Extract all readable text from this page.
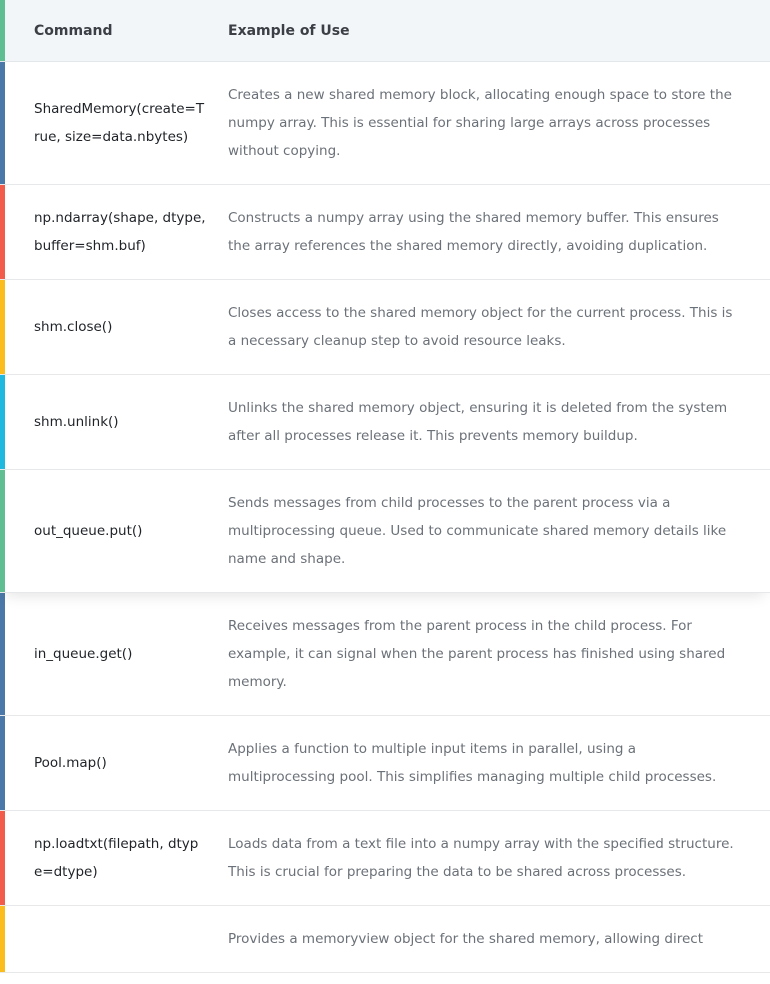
Command	Example of Use
SharedMemory(create=True, size=data.nbytes)
Creates a new shared memory block, allocating enough space to store the numpy array. This is essential for sharing large arrays across processes without copying.
np.ndarray(shape, dtype, buffer=shm.buf)
Constructs a numpy array using the shared memory buffer. This ensures the array references the shared memory directly, avoiding duplication.
shm.close()
Closes access to the shared memory object for the current process. This is a necessary cleanup step to avoid resource leaks.
shm.unlink()
Unlinks the shared memory object, ensuring it is deleted from the system after all processes release it. This prevents memory buildup.
out_queue.put()
Sends messages from child processes to the parent process via a multiprocessing queue. Used to communicate shared memory details like name and shape.
in_queue.get()
Receives messages from the parent process in the child process. For example, it can signal when the parent process has finished using shared memory.
Pool.map()
Applies a function to multiple input items in parallel, using a multiprocessing pool. This simplifies managing multiple child processes.
np.loadtxt(filepath, dtype=dtype)
Loads data from a text file into a numpy array with the specified structure. This is crucial for preparing the data to be shared across processes.
Provides a memoryview object for the shared memory, allowing direct
